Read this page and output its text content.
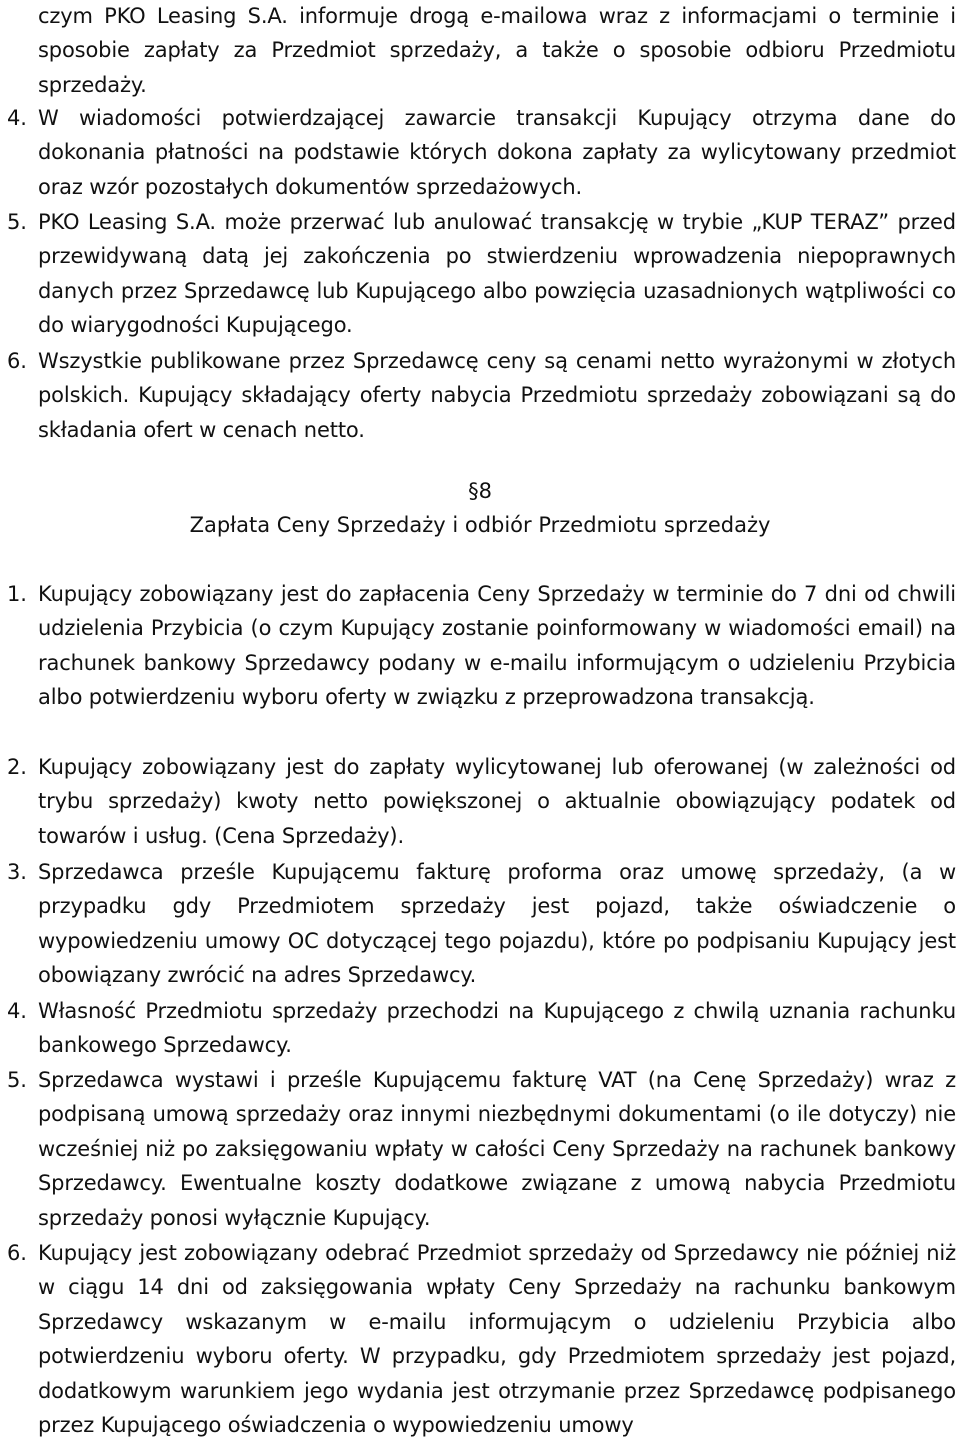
czym PKO Leasing S.A. informuje drogą e-mailowa wraz z informacjami o terminie i sposobie zapłaty za Przedmiot sprzedaży, a także o sposobie odbioru Przedmiotu sprzedaży.

4. W wiadomości potwierdzającej zawarcie transakcji Kupujący otrzyma dane do dokonania płatności na podstawie których dokona zapłaty za wylicytowany przedmiot oraz wzór pozostałych dokumentów sprzedażowych.

5. PKO Leasing S.A. może przerwać lub anulować transakcję w trybie „KUP TERAZ” przed przewidywaną datą jej zakończenia po stwierdzeniu wprowadzenia niepoprawnych danych przez Sprzedawcę lub Kupującego albo powzięcia uzasadnionych wątpliwości co do wiarygodności Kupującego.

6. Wszystkie publikowane przez Sprzedawcę ceny są cenami netto wyrażonymi w złotych polskich. Kupujący składający oferty nabycia Przedmiotu sprzedaży zobowiązani są do składania ofert w cenach netto.

§8

Zapłata Ceny Sprzedaży i odbiór Przedmiotu sprzedaży

1. Kupujący zobowiązany jest do zapłacenia Ceny Sprzedaży w terminie do 7 dni od chwili udzielenia Przybicia (o czym Kupujący zostanie poinformowany w wiadomości email) na rachunek bankowy Sprzedawcy podany w e-mailu informującym o udzieleniu Przybicia albo potwierdzeniu wyboru oferty w związku z przeprowadzona transakcją.

2. Kupujący zobowiązany jest do zapłaty wylicytowanej lub oferowanej (w zależności od trybu sprzedaży) kwoty netto powiększonej o aktualnie obowiązujący podatek od towarów i usług. (Cena Sprzedaży).

3. Sprzedawca prześle Kupującemu fakturę proforma oraz umowę sprzedaży, (a w przypadku gdy Przedmiotem sprzedaży jest pojazd, także oświadczenie o wypowiedzeniu umowy OC dotyczącej tego pojazdu), które po podpisaniu Kupujący jest obowiązany zwrócić na adres Sprzedawcy.

4. Własność Przedmiotu sprzedaży przechodzi na Kupującego z chwilą uznania rachunku bankowego Sprzedawcy.

5. Sprzedawca wystawi i prześle Kupującemu fakturę VAT (na Cenę Sprzedaży) wraz z podpisaną umową sprzedaży oraz innymi niezbędnymi dokumentami (o ile dotyczy) nie wcześniej niż po zaksięgowaniu wpłaty w całości Ceny Sprzedaży na rachunek bankowy Sprzedawcy. Ewentualne koszty dodatkowe związane z umową nabycia Przedmiotu sprzedaży ponosi wyłącznie Kupujący.

6. Kupujący jest zobowiązany odebrać Przedmiot sprzedaży od Sprzedawcy nie później niż w ciągu 14 dni od zaksięgowania wpłaty Ceny Sprzedaży na rachunku bankowym Sprzedawcy wskazanym w e-mailu informującym o udzieleniu Przybicia albo potwierdzeniu wyboru oferty. W przypadku, gdy Przedmiotem sprzedaży jest pojazd, dodatkowym warunkiem jego wydania jest otrzymanie przez Sprzedawcę podpisanego przez Kupującego oświadczenia o wypowiedzeniu umowy
